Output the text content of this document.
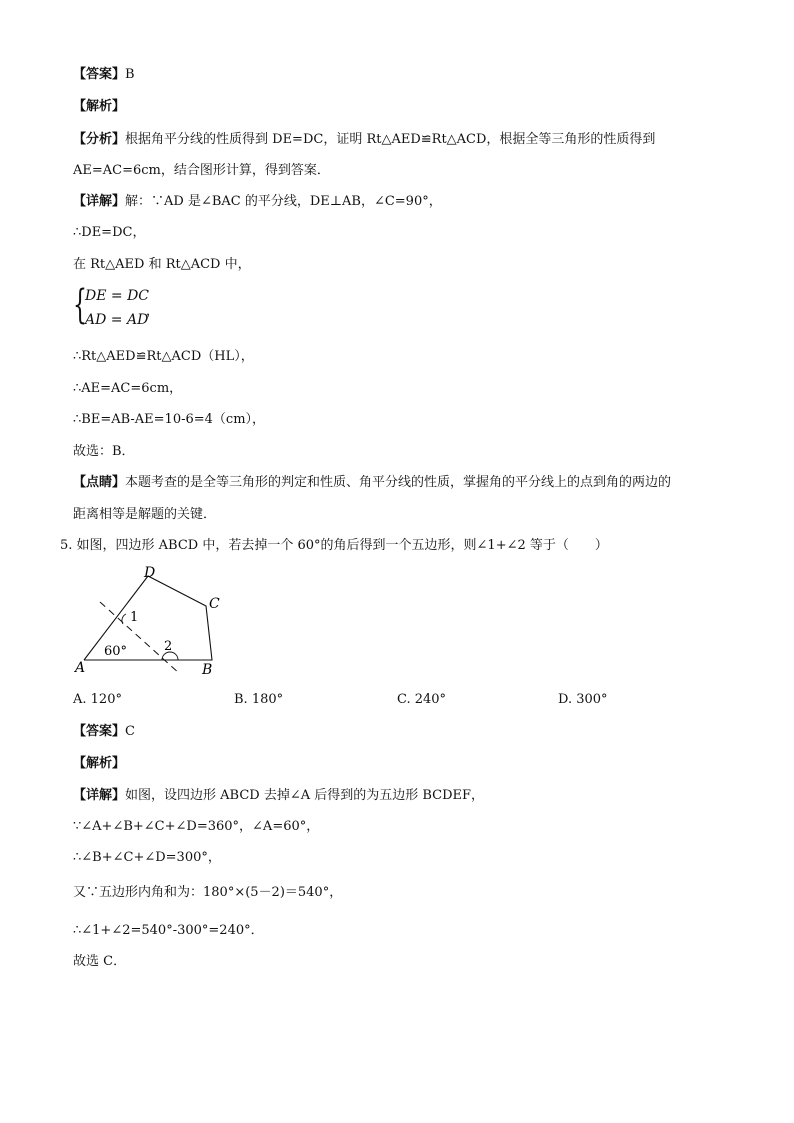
【答案】B
【解析】
【分析】根据角平分线的性质得到 DE=DC，证明 Rt△AED≌Rt△ACD，根据全等三角形的性质得到
AE=AC=6cm，结合图形计算，得到答案．
【详解】解：∵AD 是∠BAC 的平分线，DE⊥AB，∠C=90°，
∴DE=DC，
在 Rt△AED 和 Rt△ACD 中，
{
DE = DC
AD = AD
，
∴Rt△AED≌Rt△ACD（HL），
∴AE=AC=6cm，
∴BE=AB-AE=10-6=4（cm），
故选：B．
【点睛】本题考查的是全等三角形的判定和性质、角平分线的性质，掌握角的平分线上的点到角的两边的
距离相等是解题的关键．
5. 如图，四边形 ABCD 中，若去掉一个 60°的角后得到一个五边形，则∠1+∠2 等于（　　）
A	B
C
D
60°
1
2
A. 120°	B. 180°	C. 240°	D. 300°
【答案】C
【解析】
【详解】如图，设四边形 ABCD 去掉∠A 后得到的为五边形 BCDEF，
∵∠A+∠B+∠C+∠D=360°，∠A=60°，
∴∠B+∠C+∠D=300°，
又∵五边形内角和为：180°×(5－2)＝540°，
∴∠1+∠2=540°-300°=240°．
故选 C．
